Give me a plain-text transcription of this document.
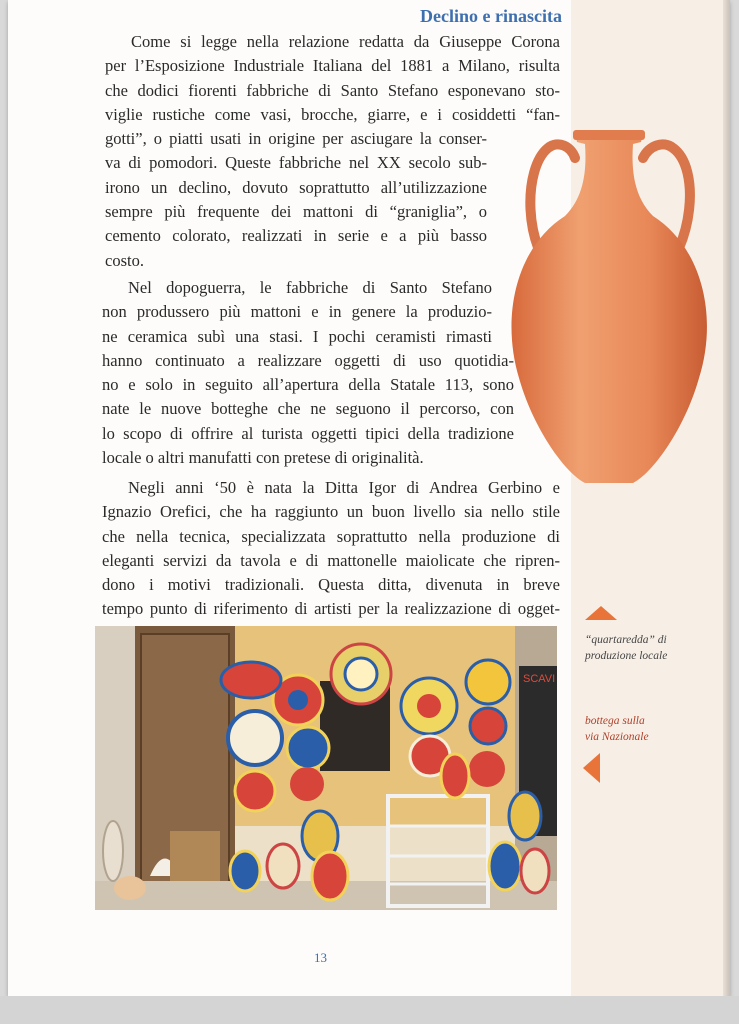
Declino e rinascita
Come si legge nella relazione redatta da Giuseppe Corona
per l’Esposizione Industriale Italiana del 1881 a Milano, risulta
che dodici fiorenti fabbriche di Santo Stefano esponevano sto-
viglie rustiche come vasi, brocche, giarre, e i cosiddetti “fan-
gotti”, o piatti usati in origine per asciugare la conser-
va di pomodori. Queste fabbriche nel XX secolo sub-
irono un declino, dovuto soprattutto all’utilizzazione
sempre più frequente dei mattoni di “graniglia”, o
cemento colorato, realizzati in serie e a più basso
costo.
Nel dopoguerra, le fabbriche di Santo Stefano
non produssero più mattoni e in genere la produzio-
ne ceramica subì una stasi. I pochi ceramisti rimasti
hanno continuato a realizzare oggetti di uso quotidia-
no e solo in seguito all’apertura della Statale 113, sono
nate le nuove botteghe che ne seguono il percorso, con
lo scopo di offrire al turista oggetti tipici della tradizione
locale o altri manufatti con pretese di originalità.
Negli anni ‘50 è nata la Ditta Igor di Andrea Gerbino e
Ignazio Orefici, che ha raggiunto un buon livello sia nello stile
che nella tecnica, specializzata soprattutto nella produzione di
eleganti servizi da tavola e di mattonelle maiolicate che ripren-
dono i motivi tradizionali. Questa ditta, divenuta in breve
tempo punto di riferimento di artisti per la realizzazione di ogget-
SCAVI
“quartaredda” di
produzione locale
bottega sulla
via Nazionale
13
